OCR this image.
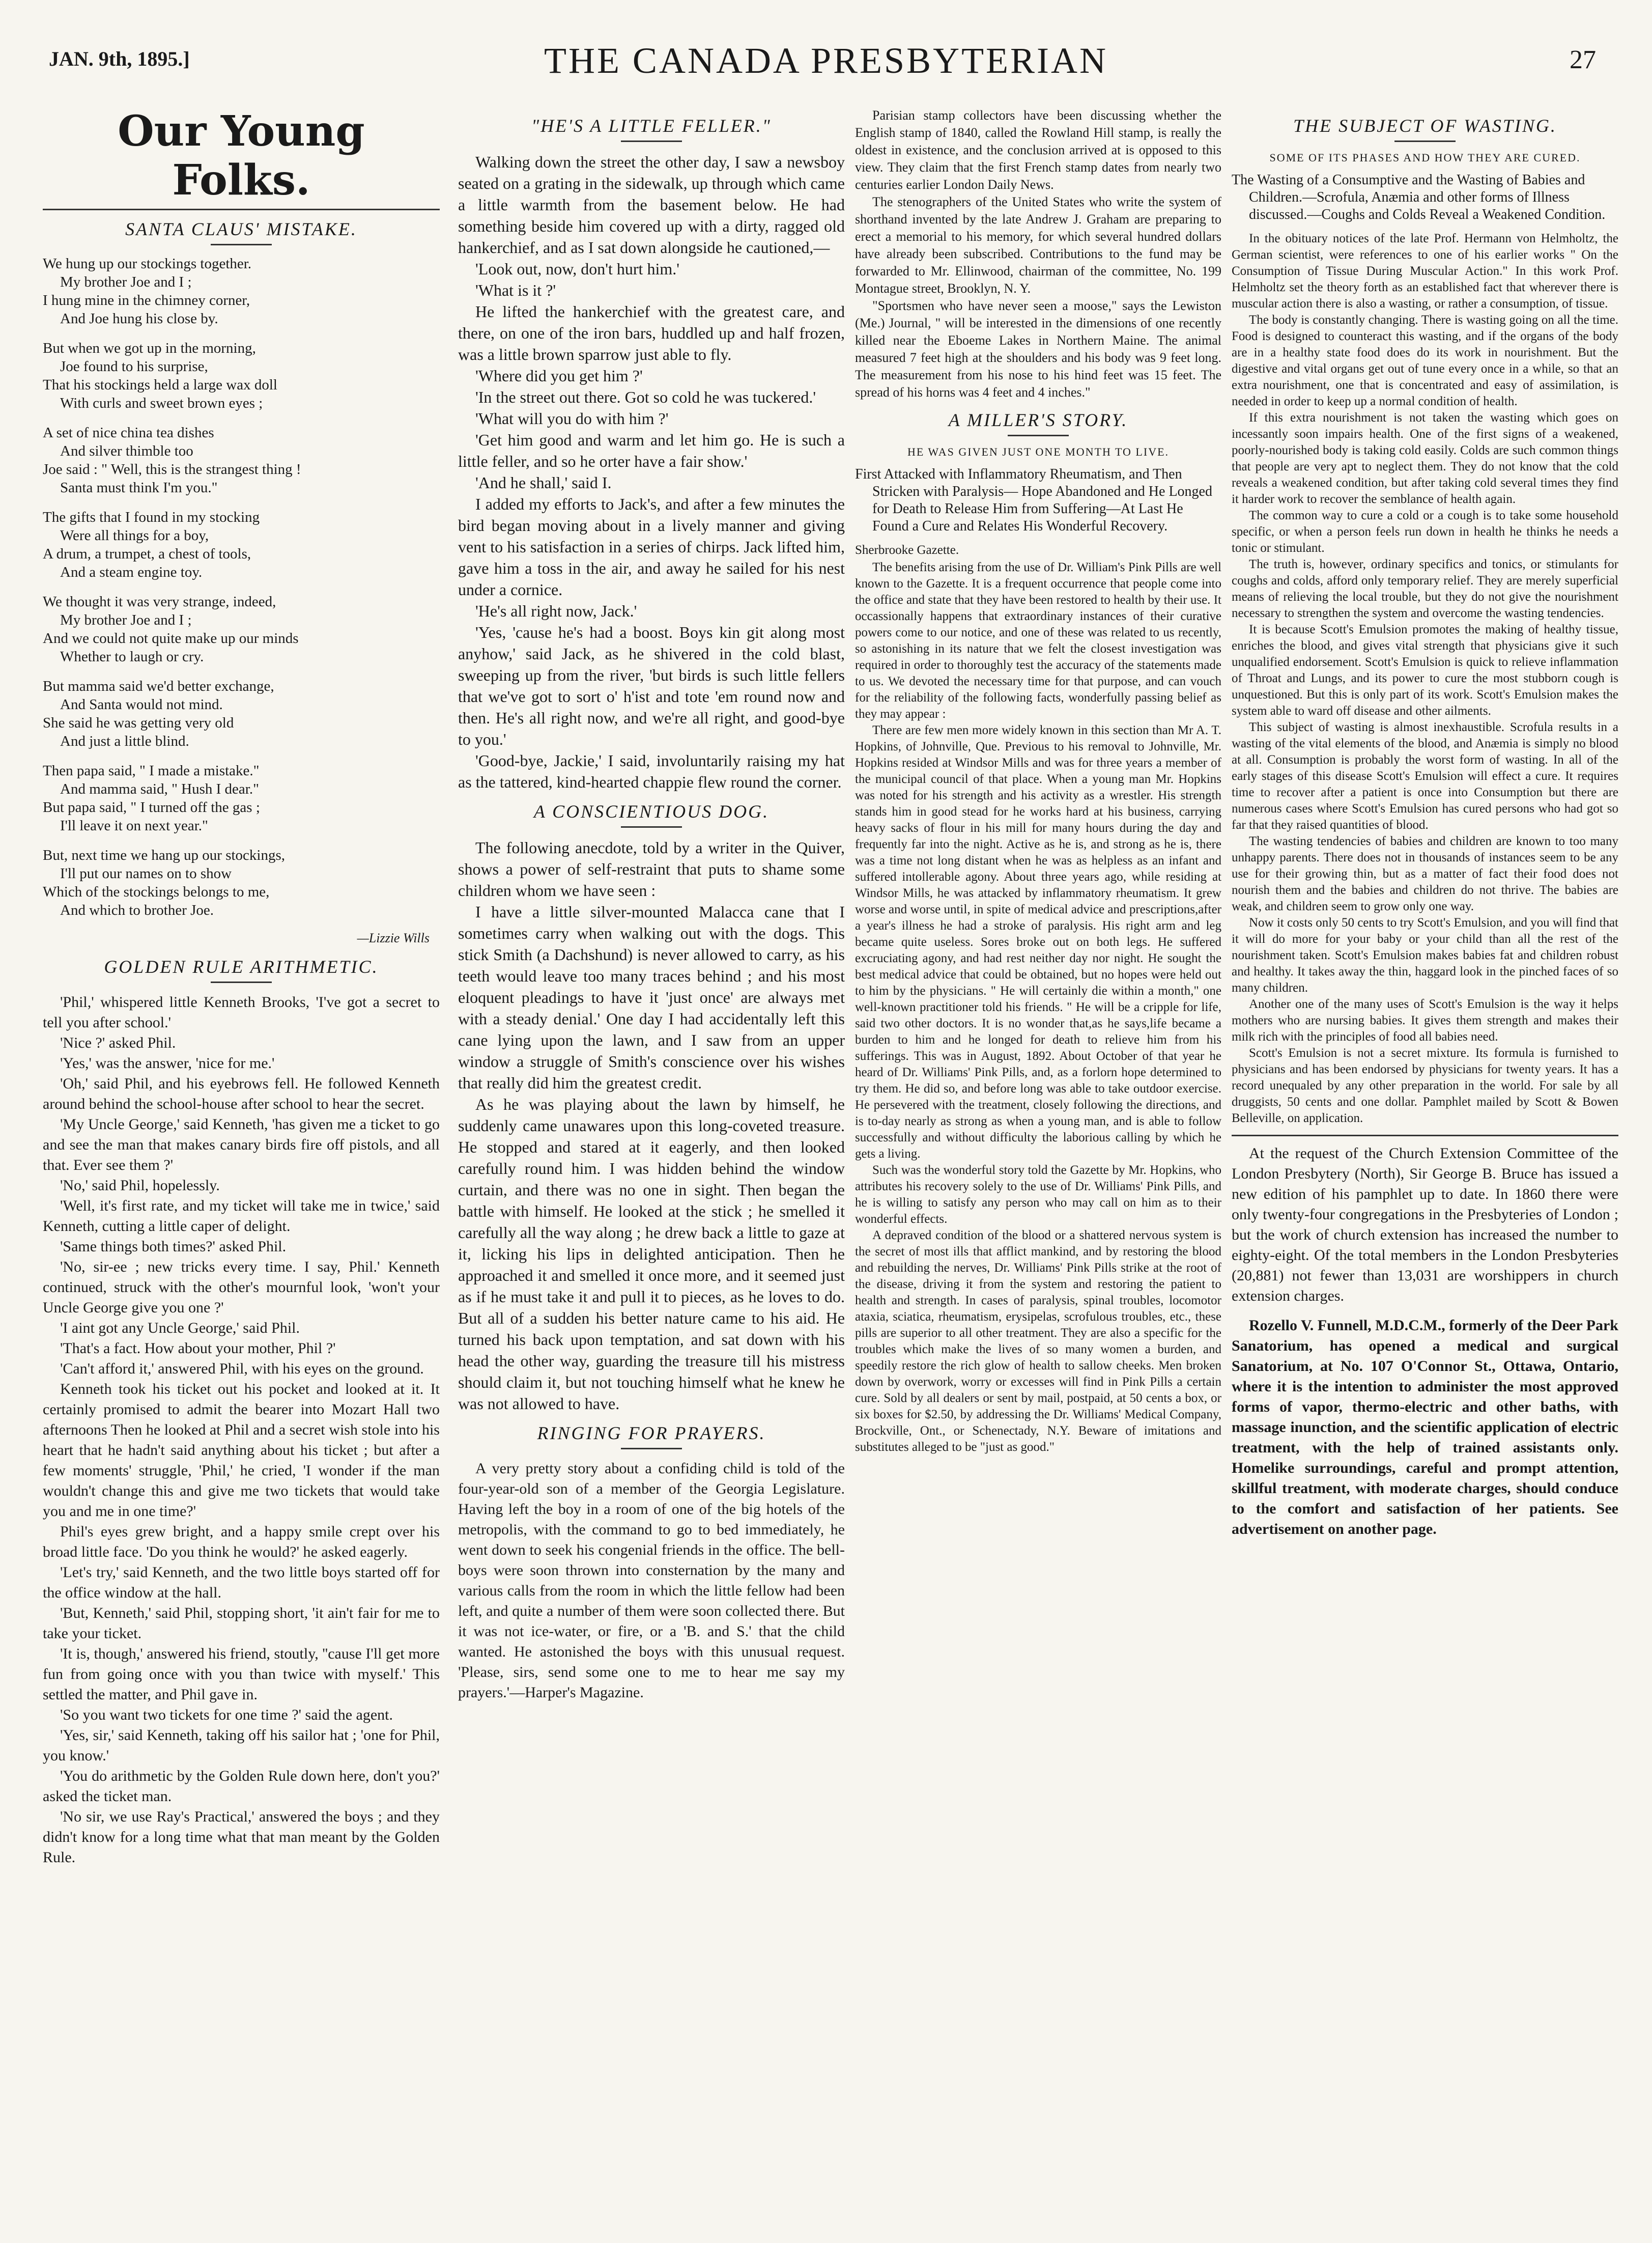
JAN. 9th, 1895.]	THE CANADA PRESBYTERIAN	27
Our Young Folks.
SANTA CLAUS' MISTAKE.
We hung up our stockings together.
My brother Joe and I ;
I hung mine in the chimney corner,
And Joe hung his close by.
But when we got up in the morning,
Joe found to his surprise,
That his stockings held a large wax doll
With curls and sweet brown eyes ;
A set of nice china tea dishes
And silver thimble too
Joe said : " Well, this is the strangest thing !
Santa must think I'm you."
The gifts that I found in my stocking
Were all things for a boy,
A drum, a trumpet, a chest of tools,
And a steam engine toy.
We thought it was very strange, indeed,
My brother Joe and I ;
And we could not quite make up our minds
Whether to laugh or cry.
But mamma said we'd better exchange,
And Santa would not mind.
She said he was getting very old
And just a little blind.
Then papa said, " I made a mistake."
And mamma said, " Hush I dear."
But papa said, " I turned off the gas ;
I'll leave it on next year."
But, next time we hang up our stockings,
I'll put our names on to show
Which of the stockings belongs to me,
And which to brother Joe.
—Lizzie Wills
GOLDEN RULE ARITHMETIC.

'Phil,' whispered little Kenneth Brooks, 'I've got a secret to tell you after school.'

'Nice ?' asked Phil.

'Yes,' was the answer, 'nice for me.'

'Oh,' said Phil, and his eyebrows fell. He followed Kenneth around behind the school-house after school to hear the secret.

'My Uncle George,' said Kenneth, 'has given me a ticket to go and see the man that makes canary birds fire off pistols, and all that. Ever see them ?'

'No,' said Phil, hopelessly.

'Well, it's first rate, and my ticket will take me in twice,' said Kenneth, cutting a little caper of delight.

'Same things both times?' asked Phil.

'No, sir-ee ; new tricks every time. I say, Phil.' Kenneth continued, struck with the other's mournful look, 'won't your Uncle George give you one ?'

'I aint got any Uncle George,' said Phil.

'That's a fact. How about your mother, Phil ?'

'Can't afford it,' answered Phil, with his eyes on the ground.

Kenneth took his ticket out his pocket and looked at it. It certainly promised to admit the bearer into Mozart Hall two afternoons Then he looked at Phil and a secret wish stole into his heart that he hadn't said anything about his ticket ; but after a few moments' struggle, 'Phil,' he cried, 'I wonder if the man wouldn't change this and give me two tickets that would take you and me in one time?'

Phil's eyes grew bright, and a happy smile crept over his broad little face. 'Do you think he would?' he asked eagerly.

'Let's try,' said Kenneth, and the two little boys started off for the office window at the hall.

'But, Kenneth,' said Phil, stopping short, 'it ain't fair for me to take your ticket.

'It is, though,' answered his friend, stoutly, ''cause I'll get more fun from going once with you than twice with myself.' This settled the matter, and Phil gave in.

'So you want two tickets for one time ?' said the agent.

'Yes, sir,' said Kenneth, taking off his sailor hat ; 'one for Phil, you know.'

'You do arithmetic by the Golden Rule down here, don't you?' asked the ticket man.

'No sir, we use Ray's Practical,' answered the boys ; and they didn't know for a long time what that man meant by the Golden Rule.

"HE'S A LITTLE FELLER."

Walking down the street the other day, I saw a newsboy seated on a grating in the sidewalk, up through which came a little warmth from the basement below. He had something beside him covered up with a dirty, ragged old hankerchief, and as I sat down alongside he cautioned,—

'Look out, now, don't hurt him.'

'What is it ?'

He lifted the hankerchief with the greatest care, and there, on one of the iron bars, huddled up and half frozen, was a little brown sparrow just able to fly.

'Where did you get him ?'

'In the street out there. Got so cold he was tuckered.'

'What will you do with him ?'

'Get him good and warm and let him go. He is such a little feller, and so he orter have a fair show.'

'And he shall,' said I.

I added my efforts to Jack's, and after a few minutes the bird began moving about in a lively manner and giving vent to his satisfaction in a series of chirps. Jack lifted him, gave him a toss in the air, and away he sailed for his nest under a cornice.

'He's all right now, Jack.'

'Yes, 'cause he's had a boost. Boys kin git along most anyhow,' said Jack, as he shivered in the cold blast, sweeping up from the river, 'but birds is such little fellers that we've got to sort o' h'ist and tote 'em round now and then. He's all right now, and we're all right, and good-bye to you.'

'Good-bye, Jackie,' I said, involuntarily raising my hat as the tattered, kind-hearted chappie flew round the corner.

A CONSCIENTIOUS DOG.

The following anecdote, told by a writer in the Quiver, shows a power of self-restraint that puts to shame some children whom we have seen :

I have a little silver-mounted Malacca cane that I sometimes carry when walking out with the dogs. This stick Smith (a Dachshund) is never allowed to carry, as his teeth would leave too many traces behind ; and his most eloquent pleadings to have it 'just once' are always met with a steady denial.' One day I had accidentally left this cane lying upon the lawn, and I saw from an upper window a struggle of Smith's conscience over his wishes that really did him the greatest credit.

As he was playing about the lawn by himself, he suddenly came unawares upon this long-coveted treasure. He stopped and stared at it eagerly, and then looked carefully round him. I was hidden behind the window curtain, and there was no one in sight. Then began the battle with himself. He looked at the stick ; he smelled it carefully all the way along ; he drew back a little to gaze at it, licking his lips in delighted anticipation. Then he approached it and smelled it once more, and it seemed just as if he must take it and pull it to pieces, as he loves to do. But all of a sudden his better nature came to his aid. He turned his back upon temptation, and sat down with his head the other way, guarding the treasure till his mistress should claim it, but not touching himself what he knew he was not allowed to have.

RINGING FOR PRAYERS.

A very pretty story about a confiding child is told of the four-year-old son of a member of the Georgia Legislature. Having left the boy in a room of one of the big hotels of the metropolis, with the command to go to bed immediately, he went down to seek his congenial friends in the office. The bell-boys were soon thrown into consternation by the many and various calls from the room in which the little fellow had been left, and quite a number of them were soon collected there. But it was not ice-water, or fire, or a 'B. and S.' that the child wanted. He astonished the boys with this unusual request. 'Please, sirs, send some one to me to hear me say my prayers.'—Harper's Magazine.

Parisian stamp collectors have been discussing whether the English stamp of 1840, called the Rowland Hill stamp, is really the oldest in existence, and the conclusion arrived at is opposed to this view. They claim that the first French stamp dates from nearly two centuries earlier London Daily News.

The stenographers of the United States who write the system of shorthand invented by the late Andrew J. Graham are preparing to erect a memorial to his memory, for which several hundred dollars have already been subscribed. Contributions to the fund may be forwarded to Mr. Ellinwood, chairman of the committee, No. 199 Montague street, Brooklyn, N. Y.

"Sportsmen who have never seen a moose," says the Lewiston (Me.) Journal, " will be interested in the dimensions of one recently killed near the Eboeme Lakes in Northern Maine. The animal measured 7 feet high at the shoulders and his body was 9 feet long. The measurement from his nose to his hind feet was 15 feet. The spread of his horns was 4 feet and 4 inches."

A MILLER'S STORY.
HE WAS GIVEN JUST ONE MONTH TO LIVE.
First Attacked with Inflammatory Rheumatism, and Then Stricken with Paralysis— Hope Abandoned and He Longed for Death to Release Him from Suffering—At Last He Found a Cure and Relates His Wonderful Recovery.
Sherbrooke Gazette.

The benefits arising from the use of Dr. William's Pink Pills are well known to the Gazette. It is a frequent occurrence that people come into the office and state that they have been restored to health by their use. It occassionally happens that extraordinary instances of their curative powers come to our notice, and one of these was related to us recently, so astonishing in its nature that we felt the closest investigation was required in order to thoroughly test the accuracy of the statements made to us. We devoted the necessary time for that purpose, and can vouch for the reliability of the following facts, wonderfully passing belief as they may appear :

There are few men more widely known in this section than Mr A. T. Hopkins, of Johnville, Que. Previous to his removal to Johnville, Mr. Hopkins resided at Windsor Mills and was for three years a member of the municipal council of that place. When a young man Mr. Hopkins was noted for his strength and his activity as a wrestler. His strength stands him in good stead for he works hard at his business, carrying heavy sacks of flour in his mill for many hours during the day and frequently far into the night. Active as he is, and strong as he is, there was a time not long distant when he was as helpless as an infant and suffered intollerable agony. About three years ago, while residing at Windsor Mills, he was attacked by inflammatory rheumatism. It grew worse and worse until, in spite of medical advice and prescriptions,after a year's illness he had a stroke of paralysis. His right arm and leg became quite useless. Sores broke out on both legs. He suffered excruciating agony, and had rest neither day nor night. He sought the best medical advice that could be obtained, but no hopes were held out to him by the physicians. " He will certainly die within a month," one well-known practitioner told his friends. " He will be a cripple for life, said two other doctors. It is no wonder that,as he says,life became a burden to him and he longed for death to relieve him from his sufferings. This was in August, 1892. About October of that year he heard of Dr. Williams' Pink Pills, and, as a forlorn hope determined to try them. He did so, and before long was able to take outdoor exercise. He persevered with the treatment, closely following the directions, and is to-day nearly as strong as when a young man, and is able to follow successfully and without difficulty the laborious calling by which he gets a living.

Such was the wonderful story told the Gazette by Mr. Hopkins, who attributes his recovery solely to the use of Dr. Williams' Pink Pills, and he is willing to satisfy any person who may call on him as to their wonderful effects.

A depraved condition of the blood or a shattered nervous system is the secret of most ills that afflict mankind, and by restoring the blood and rebuilding the nerves, Dr. Williams' Pink Pills strike at the root of the disease, driving it from the system and restoring the patient to health and strength. In cases of paralysis, spinal troubles, locomotor ataxia, sciatica, rheumatism, erysipelas, scrofulous troubles, etc., these pills are superior to all other treatment. They are also a specific for the troubles which make the lives of so many women a burden, and speedily restore the rich glow of health to sallow cheeks. Men broken down by overwork, worry or excesses will find in Pink Pills a certain cure. Sold by all dealers or sent by mail, postpaid, at 50 cents a box, or six boxes for $2.50, by addressing the Dr. Williams' Medical Company, Brockville, Ont., or Schenectady, N.Y. Beware of imitations and substitutes alleged to be "just as good."

THE SUBJECT OF WASTING.
SOME OF ITS PHASES AND HOW THEY ARE CURED.
The Wasting of a Consumptive and the Wasting of Babies and Children.—Scrofula, Anæmia and other forms of Illness discussed.—Coughs and Colds Reveal a Weakened Condition.

In the obituary notices of the late Prof. Hermann von Helmholtz, the German scientist, were references to one of his earlier works " On the Consumption of Tissue During Muscular Action." In this work Prof. Helmholtz set the theory forth as an established fact that wherever there is muscular action there is also a wasting, or rather a consumption, of tissue.

The body is constantly changing. There is wasting going on all the time. Food is designed to counteract this wasting, and if the organs of the body are in a healthy state food does do its work in nourishment. But the digestive and vital organs get out of tune every once in a while, so that an extra nourishment, one that is concentrated and easy of assimilation, is needed in order to keep up a normal condition of health.

If this extra nourishment is not taken the wasting which goes on incessantly soon impairs health. One of the first signs of a weakened, poorly-nourished body is taking cold easily. Colds are such common things that people are very apt to neglect them. They do not know that the cold reveals a weakened condition, but after taking cold several times they find it harder work to recover the semblance of health again.

The common way to cure a cold or a cough is to take some household specific, or when a person feels run down in health he thinks he needs a tonic or stimulant.

The truth is, however, ordinary specifics and tonics, or stimulants for coughs and colds, afford only temporary relief. They are merely superficial means of relieving the local trouble, but they do not give the nourishment necessary to strengthen the system and overcome the wasting tendencies.

It is because Scott's Emulsion promotes the making of healthy tissue, enriches the blood, and gives vital strength that physicians give it such unqualified endorsement. Scott's Emulsion is quick to relieve inflammation of Throat and Lungs, and its power to cure the most stubborn cough is unquestioned. But this is only part of its work. Scott's Emulsion makes the system able to ward off disease and other ailments.

This subject of wasting is almost inexhaustible. Scrofula results in a wasting of the vital elements of the blood, and Anæmia is simply no blood at all. Consumption is probably the worst form of wasting. In all of the early stages of this disease Scott's Emulsion will effect a cure. It requires time to recover after a patient is once into Consumption but there are numerous cases where Scott's Emulsion has cured persons who had got so far that they raised quantities of blood.

The wasting tendencies of babies and children are known to too many unhappy parents. There does not in thousands of instances seem to be any use for their growing thin, but as a matter of fact their food does not nourish them and the babies and children do not thrive. The babies are weak, and children seem to grow only one way.

Now it costs only 50 cents to try Scott's Emulsion, and you will find that it will do more for your baby or your child than all the rest of the nourishment taken. Scott's Emulsion makes babies fat and children robust and healthy. It takes away the thin, haggard look in the pinched faces of so many children.

Another one of the many uses of Scott's Emulsion is the way it helps mothers who are nursing babies. It gives them strength and makes their milk rich with the principles of food all babies need.

Scott's Emulsion is not a secret mixture. Its formula is furnished to physicians and has been endorsed by physicians for twenty years. It has a record unequaled by any other preparation in the world. For sale by all druggists, 50 cents and one dollar. Pamphlet mailed by Scott & Bowen Belleville, on application.

At the request of the Church Extension Committee of the London Presbytery (North), Sir George B. Bruce has issued a new edition of his pamphlet up to date. In 1860 there were only twenty-four congregations in the Presbyteries of London ; but the work of church extension has increased the number to eighty-eight. Of the total members in the London Presbyteries (20,881) not fewer than 13,031 are worshippers in church extension charges.

Rozello V. Funnell, M.D.C.M., formerly of the Deer Park Sanatorium, has opened a medical and surgical Sanatorium, at No. 107 O'Connor St., Ottawa, Ontario, where it is the intention to administer the most approved forms of vapor, thermo-electric and other baths, with massage inunction, and the scientific application of electric treatment, with the help of trained assistants only. Homelike surroundings, careful and prompt attention, skillful treatment, with moderate charges, should conduce to the comfort and satisfaction of her patients. See advertisement on another page.
